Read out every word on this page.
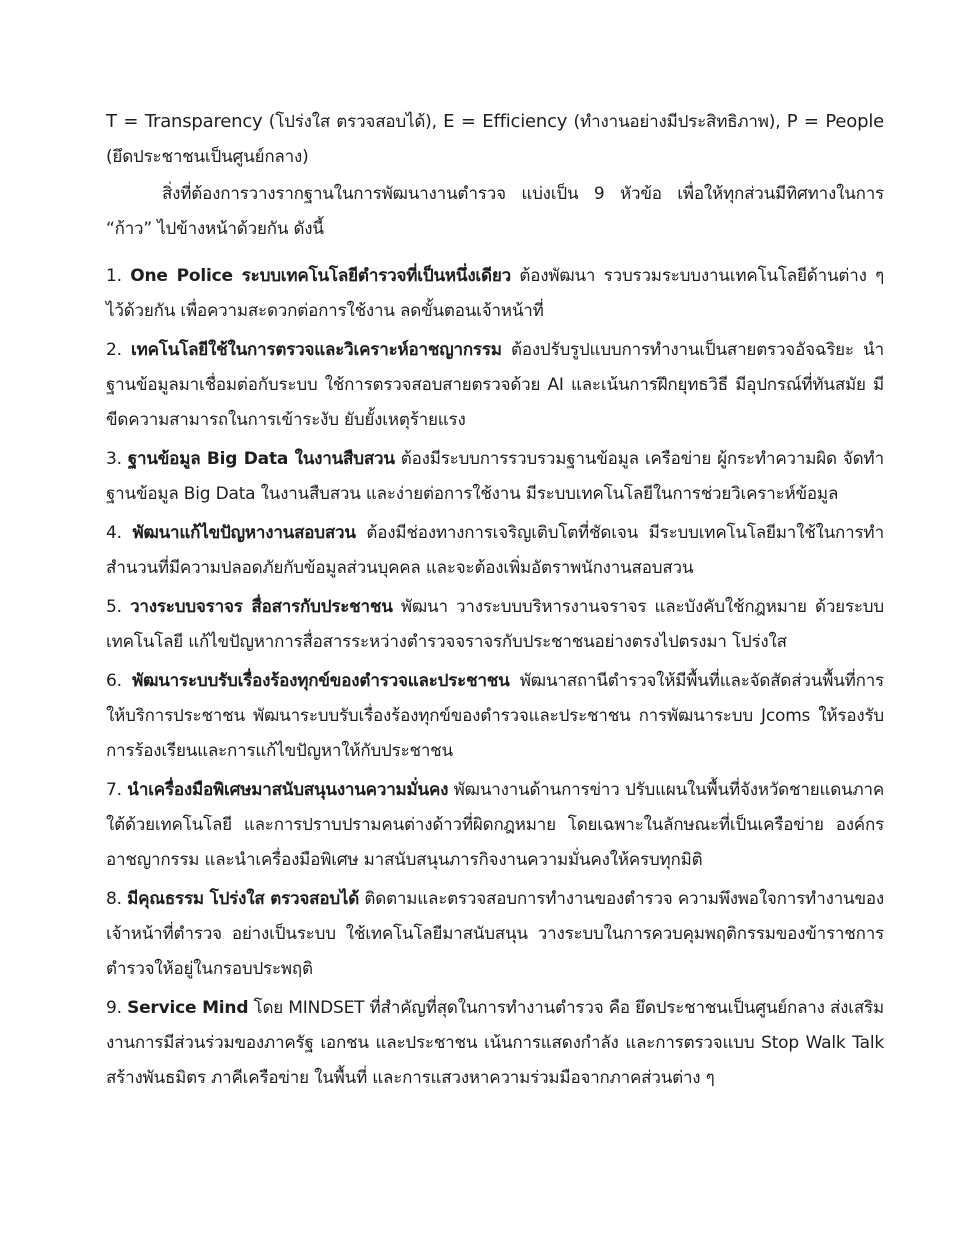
T = Transparency (โปร่งใส ตรวจสอบได้), E = Efficiency (ทำงานอย่างมีประสิทธิภาพ), P = People (ยึดประชาชนเป็นศูนย์กลาง)

สิ่งที่ต้องการวางรากฐานในการพัฒนางานตำรวจ แบ่งเป็น 9 หัวข้อ เพื่อให้ทุกส่วนมีทิศทางในการ “ก้าว” ไปข้างหน้าด้วยกัน ดังนี้

1. One Police ระบบเทคโนโลยีตำรวจที่เป็นหนึ่งเดียว ต้องพัฒนา รวบรวมระบบงานเทคโนโลยีด้านต่าง ๆ ไว้ด้วยกัน เพื่อความสะดวกต่อการใช้งาน ลดขั้นตอนเจ้าหน้าที่

2. เทคโนโลยีใช้ในการตรวจและวิเคราะห์อาชญากรรม ต้องปรับรูปแบบการทำงานเป็นสายตรวจอัจฉริยะ นำฐานข้อมูลมาเชื่อมต่อกับระบบ ใช้การตรวจสอบสายตรวจด้วย AI และเน้นการฝึกยุทธวิธี มีอุปกรณ์ที่ทันสมัย มีขีดความสามารถในการเข้าระงับ ยับยั้งเหตุร้ายแรง

3. ฐานข้อมูล Big Data ในงานสืบสวน ต้องมีระบบการรวบรวมฐานข้อมูล เครือข่าย ผู้กระทำความผิด จัดทำฐานข้อมูล Big Data ในงานสืบสวน และง่ายต่อการใช้งาน มีระบบเทคโนโลยีในการช่วยวิเคราะห์ข้อมูล

4. พัฒนาแก้ไขปัญหางานสอบสวน ต้องมีช่องทางการเจริญเติบโตที่ชัดเจน มีระบบเทคโนโลยีมาใช้ในการทำสำนวนที่มีความปลอดภัยกับข้อมูลส่วนบุคคล และจะต้องเพิ่มอัตราพนักงานสอบสวน

5. วางระบบจราจร สื่อสารกับประชาชน พัฒนา วางระบบบริหารงานจราจร และบังคับใช้กฎหมาย ด้วยระบบเทคโนโลยี แก้ไขปัญหาการสื่อสารระหว่างตำรวจจราจรกับประชาชนอย่างตรงไปตรงมา โปร่งใส

6. พัฒนาระบบรับเรื่องร้องทุกข์ของตำรวจและประชาชน พัฒนาสถานีตำรวจให้มีพื้นที่และจัดสัดส่วนพื้นที่การให้บริการประชาชน พัฒนาระบบรับเรื่องร้องทุกข์ของตำรวจและประชาชน การพัฒนาระบบ Jcoms ให้รองรับการร้องเรียนและการแก้ไขปัญหาให้กับประชาชน

7. นำเครื่องมือพิเศษมาสนับสนุนงานความมั่นคง พัฒนางานด้านการข่าว ปรับแผนในพื้นที่จังหวัดชายแดนภาคใต้ด้วยเทคโนโลยี และการปราบปรามคนต่างด้าวที่ผิดกฎหมาย โดยเฉพาะในลักษณะที่เป็นเครือข่าย องค์กรอาชญากรรม และนำเครื่องมือพิเศษ มาสนับสนุนภารกิจงานความมั่นคงให้ครบทุกมิติ

8. มีคุณธรรม โปร่งใส ตรวจสอบได้ ติดตามและตรวจสอบการทำงานของตำรวจ ความพึงพอใจการทำงานของเจ้าหน้าที่ตำรวจ อย่างเป็นระบบ ใช้เทคโนโลยีมาสนับสนุน วางระบบในการควบคุมพฤติกรรมของข้าราชการตำรวจให้อยู่ในกรอบประพฤติ

9. Service Mind โดย MINDSET ที่สำคัญที่สุดในการทำงานตำรวจ คือ ยึดประชาชนเป็นศูนย์กลาง ส่งเสริมงานการมีส่วนร่วมของภาครัฐ เอกชน และประชาชน เน้นการแสดงกำลัง และการตรวจแบบ Stop Walk Talk สร้างพันธมิตร ภาคีเครือข่าย ในพื้นที่ และการแสวงหาความร่วมมือจากภาคส่วนต่าง ๆ
